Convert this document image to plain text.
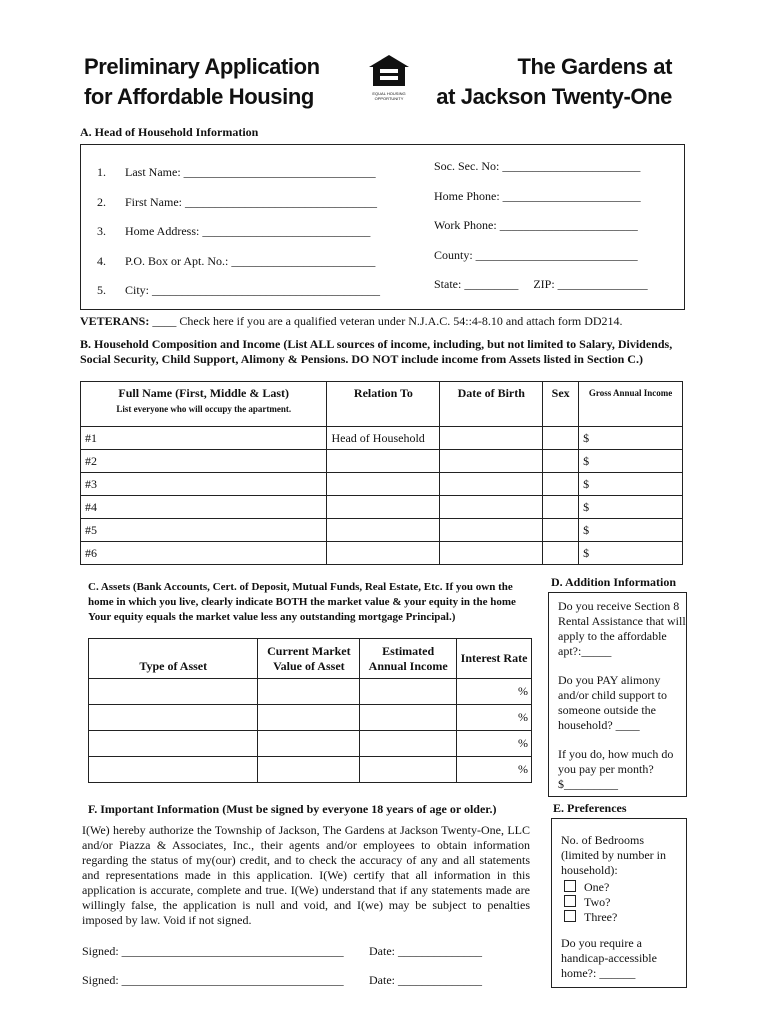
Preliminary Application
for Affordable Housing	EQUAL HOUSING OPPORTUNITY
The Gardens at
at Jackson Twenty-One
A. Head of Household Information
1. Last Name: ________________________________
2. First Name: ________________________________
3. Home Address: ____________________________
4. P.O. Box or Apt. No.: ________________________
5. City: ______________________________________
Soc. Sec. No: _______________________
Home Phone: _______________________
Work Phone: _______________________
County: ___________________________
State: _________     ZIP: _______________
VETERANS: ____ Check here if you are a qualified veteran under N.J.A.C. 54::4-8.10 and attach form DD214.
B. Household Composition and Income (List ALL sources of income, including, but not limited to Salary, Dividends, Social Security, Child Support, Alimony & Pensions. DO NOT include income from Assets listed in Section C.)
Full Name (First, Middle & Last)
List everyone who will occupy the apartment.	Relation To	Date of Birth	Sex	Gross Annual Income
#1	Head of Household			$
#2				$
#3				$
#4				$
#5				$
#6				$
C. Assets (Bank Accounts, Cert. of Deposit, Mutual Funds, Real Estate, Etc. If you own the home in which you live, clearly indicate BOTH the market value & your equity in the home Your equity equals the market value less any outstanding mortgage Principal.)
Type of Asset	Current Market Value of Asset	Estimated Annual Income	Interest Rate
			%
			%
			%
			%
D. Addition Information
Do you receive Section 8 Rental Assistance that will apply to the affordable apt?:_____
Do you PAY alimony and/or child support to someone outside the household? ____
If you do, how much do you pay per month?
$_________
E. Preferences
No. of Bedrooms (limited by number in household):
One?
Two?
Three?
Do you require a handicap-accessible home?: ______
F. Important Information (Must be signed by everyone 18 years of age or older.)
I(We) hereby authorize the Township of Jackson, The Gardens at Jackson Twenty-One, LLC and/or Piazza & Associates, Inc., their agents and/or employees to obtain information regarding the status of my(our) credit, and to check the accuracy of any and all statements and representations made in this application. I(We) certify that all information in this application is accurate, complete and true. I(We) understand that if any statements made are willingly false, the application is null and void, and I(we) may be subject to penalties imposed by law. Void if not signed.
Signed: _____________________________________ Date: ______________
Signed: _____________________________________ Date: ______________
